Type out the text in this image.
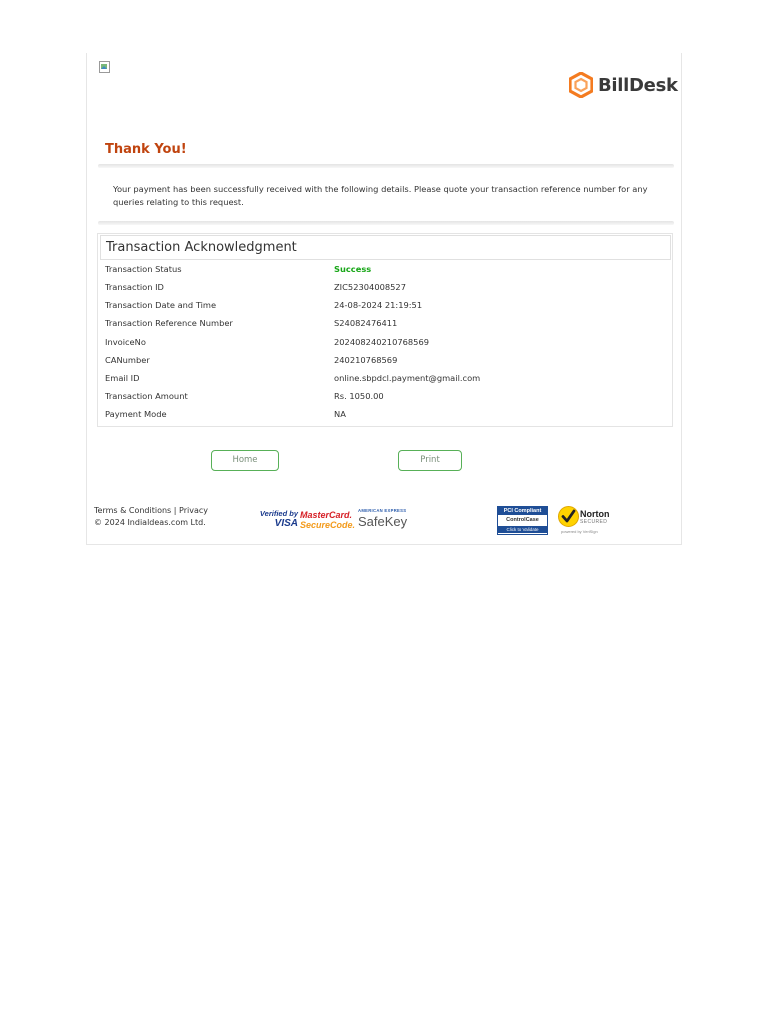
BillDesk
Thank You!
Your payment has been successfully received with the following details. Please quote your transaction reference number for any queries relating to this request.
Transaction Acknowledgment
Transaction Status	Success
Transaction ID	ZIC52304008527
Transaction Date and Time	24-08-2024 21:19:51
Transaction Reference Number	S24082476411
InvoiceNo	202408240210768569
CANumber	240210768569
Email ID	online.sbpdcl.payment@gmail.com
Transaction Amount	Rs. 1050.00
Payment Mode	NA
Home	Print
Terms & Conditions | Privacy
© 2024 Indialdeas.com Ltd.
Verified by
VISA
MasterCard.
SecureCode.
AMERICAN EXPRESS
SafeKey
PCI Compliant
ControlCase
Click to Validate
Norton
SECURED
powered by VeriSign
